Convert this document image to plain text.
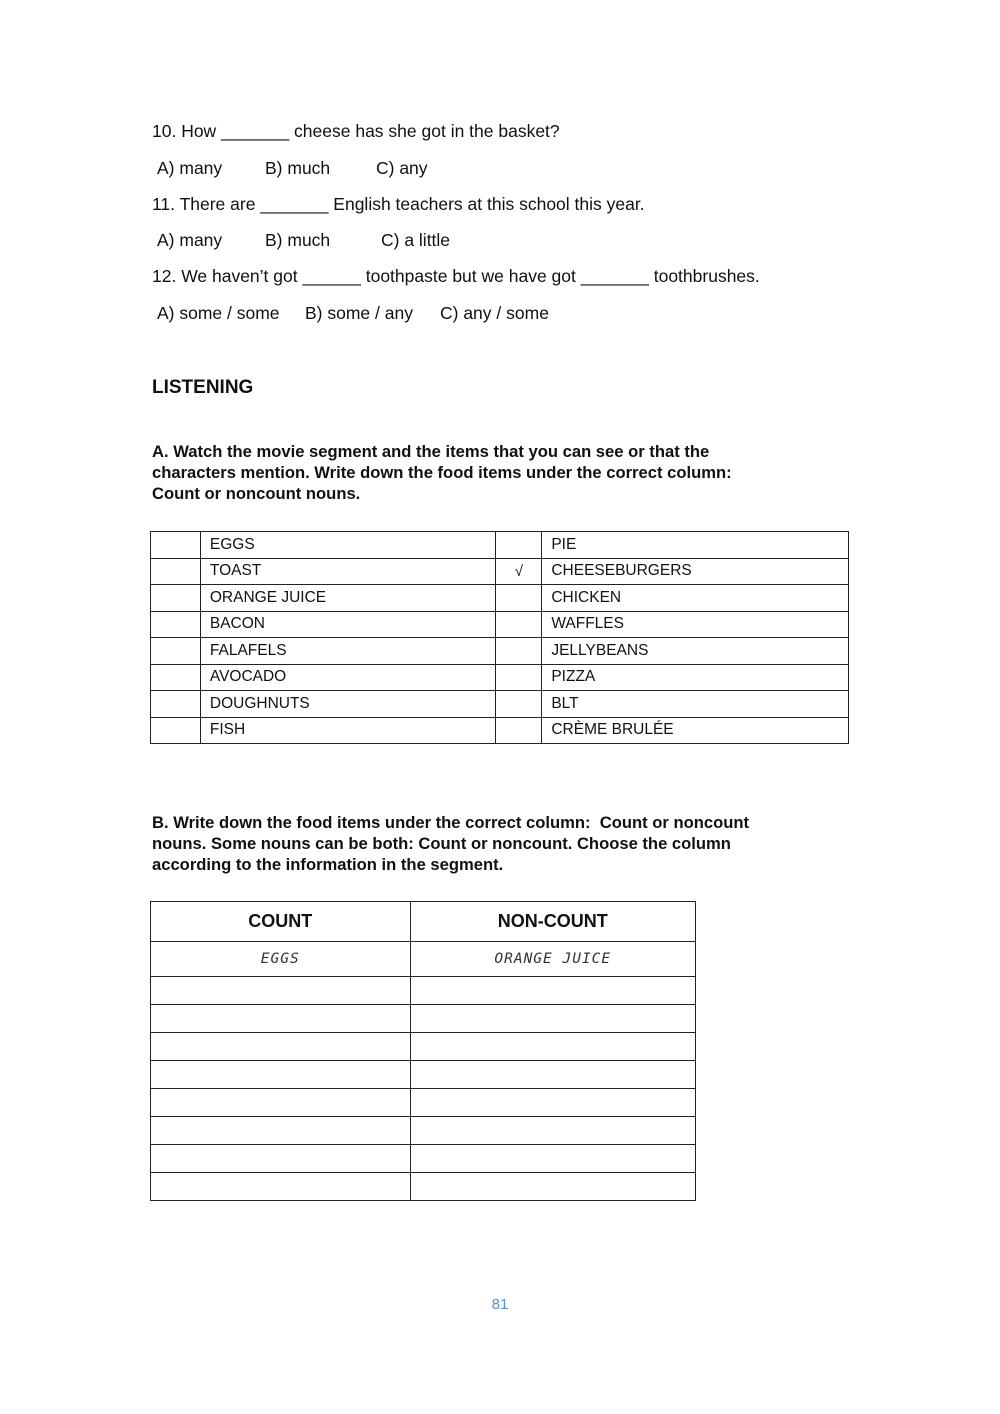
10. How _______ cheese has she got in the basket?
A) many B) much	C) any
11. There are _______ English teachers at this school this year.
A) many B) much	C) a little
12. We haven’t got ______ toothpaste but we have got _______ toothbrushes.
A) some / some B) some / any C) any / some
LISTENING
A. Watch the movie segment and the items that you can see or that the
characters mention. Write down the food items under the correct column:
Count or noncount nouns.
	EGGS		PIE
	TOAST	√	CHEESEBURGERS
	ORANGE JUICE		CHICKEN
	BACON		WAFFLES
	FALAFELS		JELLYBEANS
	AVOCADO		PIZZA
	DOUGHNUTS		BLT
	FISH		CRÈME BRULÉE
B. Write down the food items under the correct column:  Count or noncount
nouns. Some nouns can be both: Count or noncount. Choose the column
according to the information in the segment.
COUNT	NON-COUNT
EGGS	ORANGE JUICE

81
